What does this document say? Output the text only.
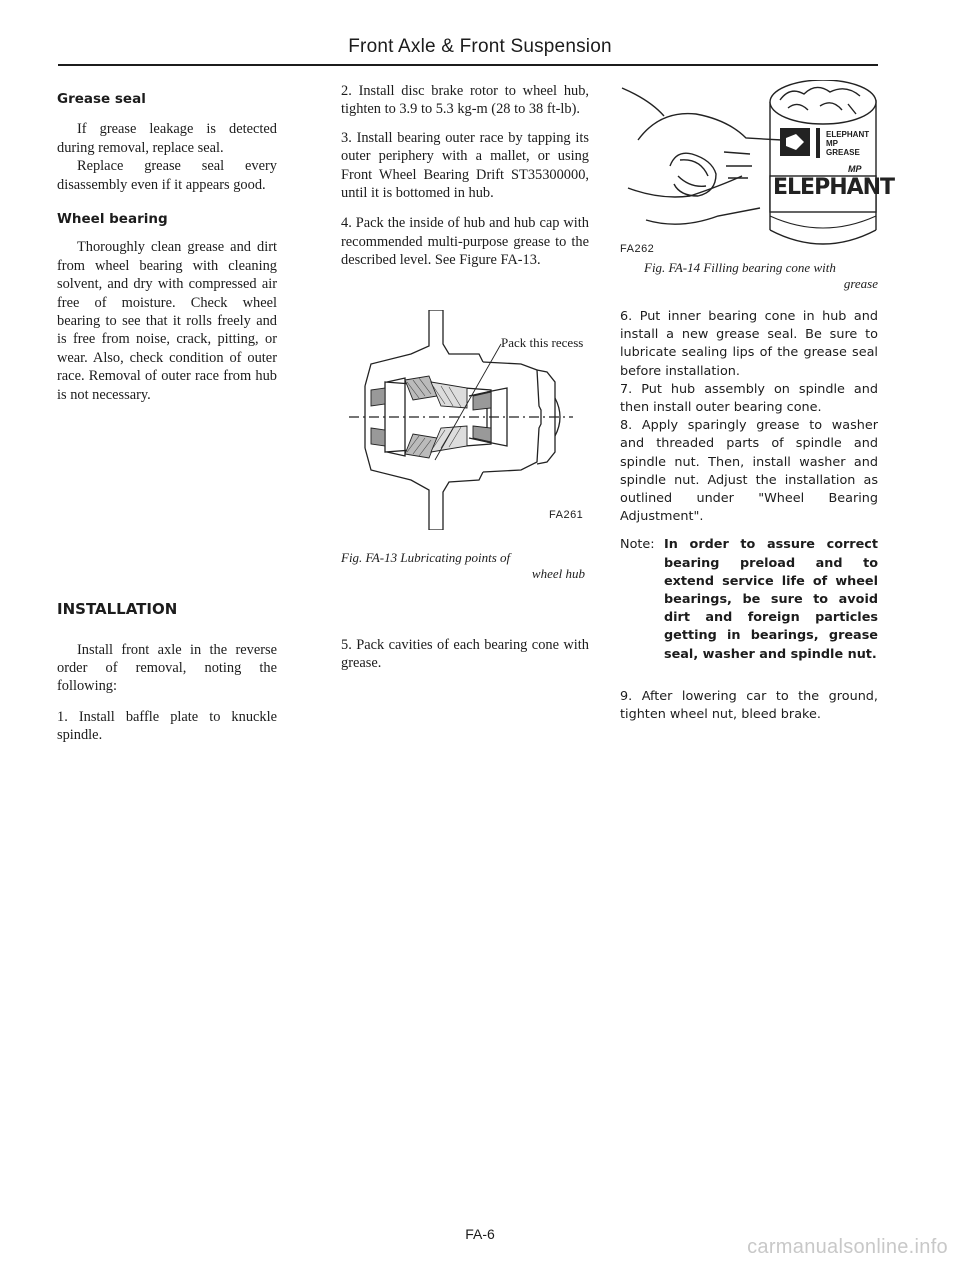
Front Axle & Front Suspension

Grease seal

If grease leakage is detected during removal, replace seal.

Replace grease seal every disassembly even if it appears good.

Wheel bearing

Thoroughly clean grease and dirt from wheel bearing with cleaning solvent, and dry with compressed air free of moisture. Check wheel bearing to see that it rolls freely and is free from noise, crack, pitting, or wear. Also, check condition of outer race. Removal of outer race from hub is not necessary.

INSTALLATION

Install front axle in the reverse order of removal, noting the following:

1. Install baffle plate to knuckle spindle.

2. Install disc brake rotor to wheel hub, tighten to 3.9 to 5.3 kg-m (28 to 38 ft-lb).

3. Install bearing outer race by tapping its outer periphery with a mallet, or using Front Wheel Bearing Drift ST35300000, until it is bottomed in hub.

4. Pack the inside of hub and hub cap with recommended multi-purpose grease to the described level. See Figure FA-13.

Pack this recess
FA261
Fig. FA-13 Lubricating points of
wheel hub

5. Pack cavities of each bearing cone with grease.

ELEPHANT
MP
GREASE
MP
ELEPHANT
FA262
Fig. FA-14 Filling bearing cone with
grease

6. Put inner bearing cone in hub and install a new grease seal. Be sure to lubricate sealing lips of the grease seal before installation.

7. Put hub assembly on spindle and then install outer bearing cone.

8. Apply sparingly grease to washer and threaded parts of spindle and spindle nut. Then, install washer and spindle nut. Adjust the installation as outlined under "Wheel Bearing Adjustment".

Note: In order to assure correct bearing preload and to extend service life of wheel bearings, be sure to avoid dirt and foreign particles getting in bearings, grease seal, washer and spindle nut.

9. After lowering car to the ground, tighten wheel nut, bleed brake.

FA-6
carmanualsonline.info
